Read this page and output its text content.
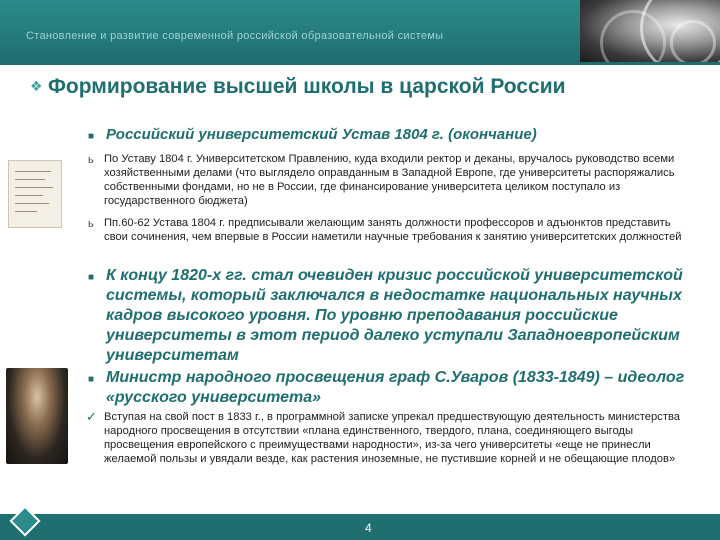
Становление и развитие современной российской образовательной системы
❖ Формирование высшей школы в царской России
■ Российский университетский Устав 1804 г. (окончание)
ь По Уставу 1804 г. Университетском Правлению, куда входили ректор и деканы, вручалось руководство всеми хозяйственными делами (что выглядело оправданным в Западной Европе, где университеты распоряжались собственными фондами, но не в России, где финансирование университета целиком поступало из государственного бюджета)
ь Пп.60-62 Устава 1804 г. предписывали желающим занять должности профессоров и адъюнктов представить свои сочинения, чем впервые в России наметили научные требования к занятию университетских должностей
■ К концу 1820-х гг. стал очевиден кризис российской университетской системы, который заключался в недостатке национальных научных кадров высокого уровня. По уровню преподавания российские университеты в этот период далеко уступали Западноевропейским университетам
■ Министр народного просвещения граф С.Уваров (1833-1849) – идеолог «русского университета»
✓ Вступая на свой пост в 1833 г., в программной записке упрекал предшествующую деятельность министерства народного просвещения в отсутствии «плана единственного, твердого, плана, соединяющего выгоды просвещения европейского с преимуществами народности», из-за чего университеты «еще не принесли желаемой пользы и увядали везде, как растения иноземные, не пустившие корней и не обещающие плодов»
4
